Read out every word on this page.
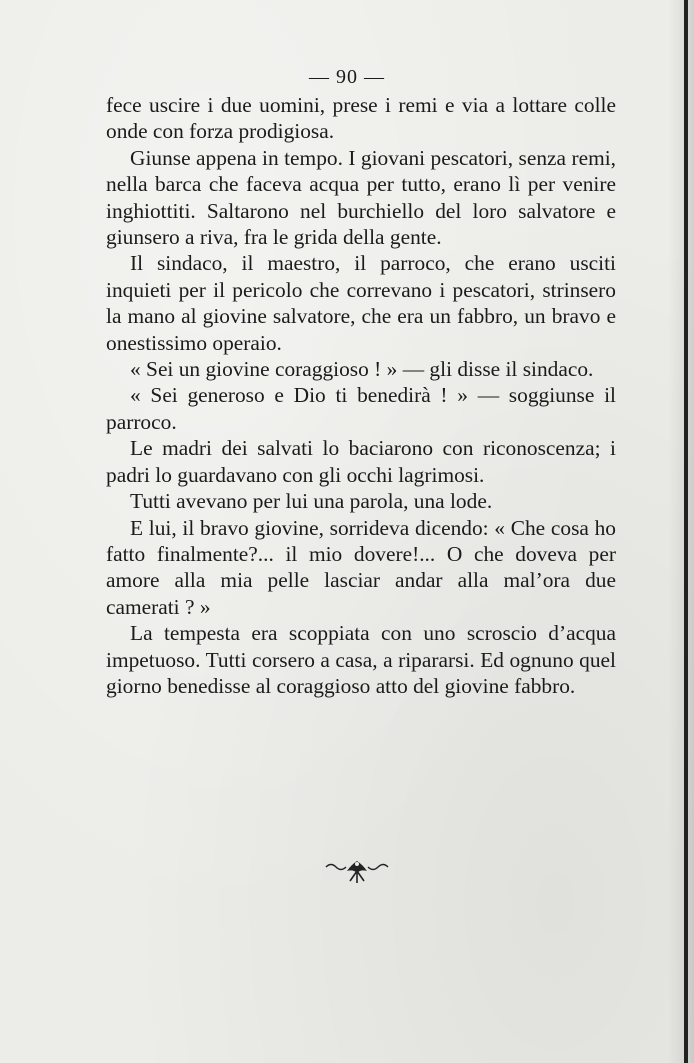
— 90 —

fece uscire i due uomini, prese i remi e via a lottare colle onde con forza prodigiosa.

Giunse appena in tempo. I giovani pescatori, senza remi, nella barca che faceva acqua per tutto, erano lì per venire inghiottiti. Saltarono nel burchiello del loro salvatore e giunsero a riva, fra le grida della gente.

Il sindaco, il maestro, il parroco, che erano usciti inquieti per il pericolo che correvano i pescatori, strinsero la mano al giovine salvatore, che era un fabbro, un bravo e onestissimo operaio.

« Sei un giovine coraggioso ! » — gli disse il sindaco.

« Sei generoso e Dio ti benedirà ! » — soggiunse il parroco.

Le madri dei salvati lo baciarono con riconoscenza; i padri lo guardavano con gli occhi lagrimosi.

Tutti avevano per lui una parola, una lode.

E lui, il bravo giovine, sorrideva dicendo: « Che cosa ho fatto finalmente?... il mio dovere!... O che doveva per amore alla mia pelle lasciar andar alla mal’ora due camerati ? »

La tempesta era scoppiata con uno scroscio d’acqua impetuoso. Tutti corsero a casa, a ripararsi. Ed ognuno quel giorno benedisse al coraggioso atto del giovine fabbro.
